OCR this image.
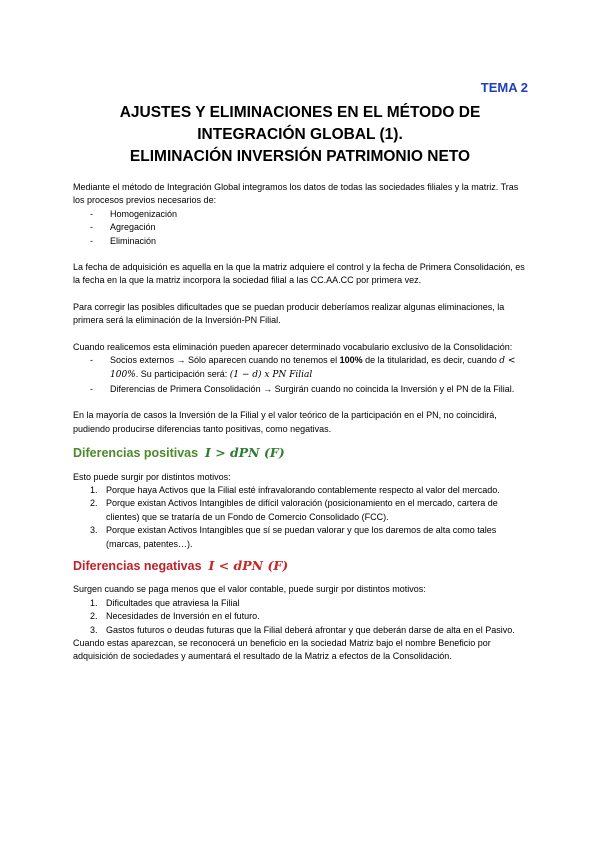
TEMA 2
AJUSTES Y ELIMINACIONES EN EL MÉTODO DE
INTEGRACIÓN GLOBAL (1).
ELIMINACIÓN INVERSIÓN PATRIMONIO NETO

Mediante el método de Integración Global integramos los datos de todas las sociedades filiales y la matriz. Tras los procesos previos necesarios de:

- Homogenización
- Agregación
- Eliminación

La fecha de adquisición es aquella en la que la matriz adquiere el control y la fecha de Primera Consolidación, es la fecha en la que la matriz incorpora la sociedad filial a las CC.AA.CC por primera vez.

Para corregir las posibles dificultades que se puedan producir deberíamos realizar algunas eliminaciones, la primera será la eliminación de la Inversión-PN Filial.

Cuando realicemos esta eliminación pueden aparecer determinado vocabulario exclusivo de la Consolidación:

- Socios externos → Sólo aparecen cuando no tenemos el 100% de la titularidad, es decir, cuando d < 100%. Su participación será: (1 − d) x PN Filial
- Diferencias de Primera Consolidación → Surgirán cuando no coincida la Inversión y el PN de la Filial.

En la mayoría de casos la Inversión de la Filial y el valor teórico de la participación en el PN, no coincidirá, pudiendo producirse diferencias tanto positivas, como negativas.

Diferencias positivas I > dPN (F)

Esto puede surgir por distintos motivos:

1. Porque haya Activos que la Filial esté infravalorando contablemente respecto al valor del mercado.
2. Porque existan Activos Intangibles de difícil valoración (posicionamiento en el mercado, cartera de clientes) que se trataría de un Fondo de Comercio Consolidado (FCC).
3. Porque existan Activos Intangibles que sí se puedan valorar y que los daremos de alta como tales (marcas, patentes…).
Diferencias negativas I < dPN (F)

Surgen cuando se paga menos que el valor contable, puede surgir por distintos motivos:

1. Dificultades que atraviesa la Filial
2. Necesidades de Inversión en el futuro.
3. Gastos futuros o deudas futuras que la Filial deberá afrontar y que deberán darse de alta en el Pasivo.

Cuando estas aparezcan, se reconocerá un beneficio en la sociedad Matriz bajo el nombre Beneficio por adquisición de sociedades y aumentará el resultado de la Matriz a efectos de la Consolidación.
